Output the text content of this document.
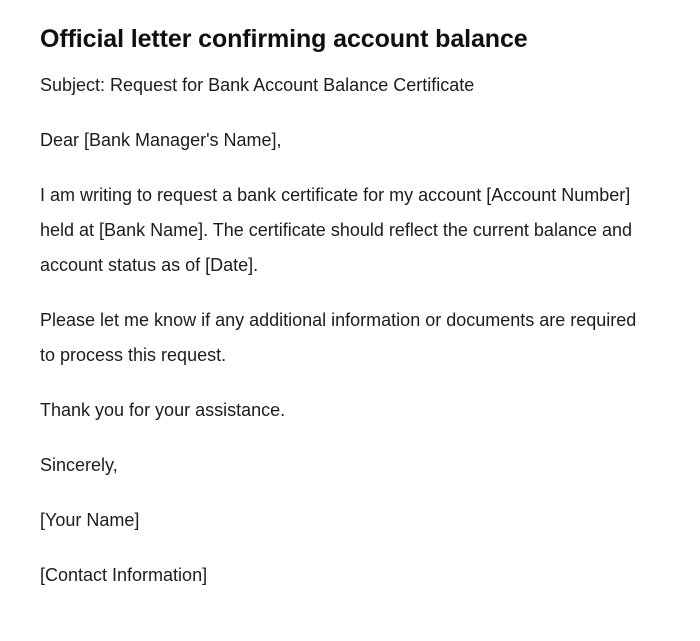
Official letter confirming account balance

Subject: Request for Bank Account Balance Certificate

Dear [Bank Manager's Name],

I am writing to request a bank certificate for my account [Account Number] held at [Bank Name]. The certificate should reflect the current balance and account status as of [Date].

Please let me know if any additional information or documents are required to process this request.

Thank you for your assistance.

Sincerely,

[Your Name]

[Contact Information]
